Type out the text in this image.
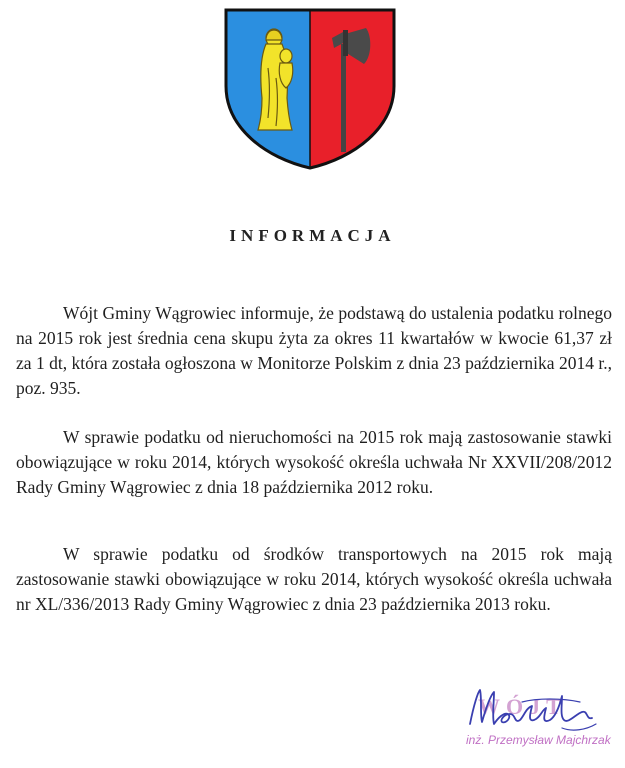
INFORMACJA

Wójt Gminy Wągrowiec informuje, że podstawą do ustalenia podatku rolnego na 2015 rok jest średnia cena skupu żyta za okres 11 kwartałów w kwocie 61,37 zł za 1 dt, która została ogłoszona w Monitorze Polskim z dnia 23 października 2014 r., poz. 935.

W sprawie podatku od nieruchomości na 2015 rok mają zastosowanie stawki obowiązujące w roku 2014, których wysokość określa uchwała Nr XXVII/208/2012 Rady Gminy Wągrowiec z dnia 18 października 2012 roku.

W sprawie podatku od środków transportowych na 2015 rok mają zastosowanie stawki obowiązujące w roku 2014, których wysokość określa uchwała nr XL/336/2013 Rady Gminy Wągrowiec z dnia 23 października 2013 roku.

WÓJT
inż. Przemysław Majchrzak
